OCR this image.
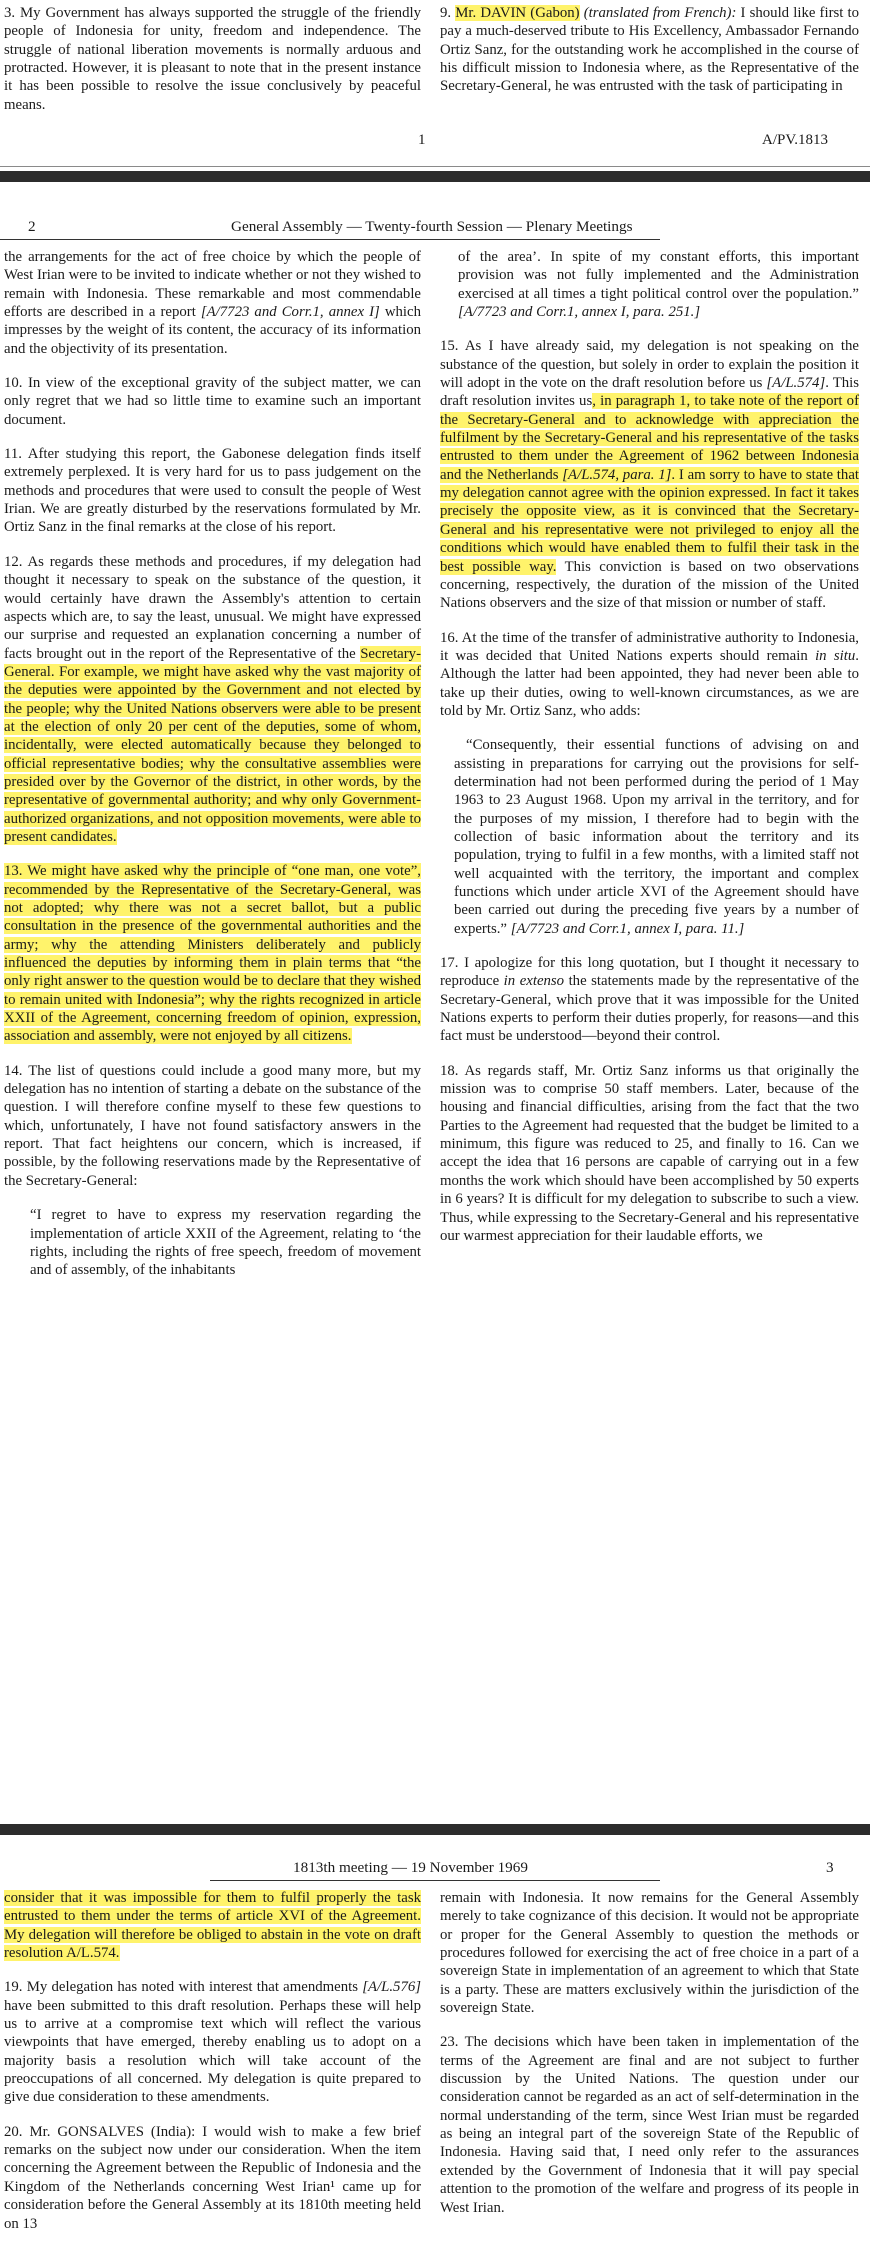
3. My Government has always supported the struggle of the friendly people of Indonesia for unity, freedom and independence. The struggle of national liberation movements is normally arduous and protracted. However, it is pleasant to note that in the present instance it has been possible to resolve the issue conclusively by peaceful means.

9. Mr. DAVIN (Gabon) (translated from French): I should like first to pay a much-deserved tribute to His Excellency, Ambassador Fernando Ortiz Sanz, for the outstanding work he accomplished in the course of his difficult mission to Indonesia where, as the Representative of the Secretary-General, he was entrusted with the task of participating in

1	A/PV.1813
2	General Assembly — Twenty-fourth Session — Plenary Meetings

the arrangements for the act of free choice by which the people of West Irian were to be invited to indicate whether or not they wished to remain with Indonesia. These remarkable and most commendable efforts are described in a report [A/7723 and Corr.1, annex I] which impresses by the weight of its content, the accuracy of its information and the objectivity of its presentation.

10. In view of the exceptional gravity of the subject matter, we can only regret that we had so little time to examine such an important document.

11. After studying this report, the Gabonese delegation finds itself extremely perplexed. It is very hard for us to pass judgement on the methods and procedures that were used to consult the people of West Irian. We are greatly disturbed by the reservations formulated by Mr. Ortiz Sanz in the final remarks at the close of his report.

12. As regards these methods and procedures, if my delegation had thought it necessary to speak on the substance of the question, it would certainly have drawn the Assembly's attention to certain aspects which are, to say the least, unusual. We might have expressed our surprise and requested an explanation concerning a number of facts brought out in the report of the Representative of the Secretary-General. For example, we might have asked why the vast majority of the deputies were appointed by the Government and not elected by the people; why the United Nations observers were able to be present at the election of only 20 per cent of the deputies, some of whom, incidentally, were elected automatically because they belonged to official representative bodies; why the consultative assemblies were presided over by the Governor of the district, in other words, by the representative of governmental authority; and why only Government-authorized organizations, and not opposition movements, were able to present candidates.

13. We might have asked why the principle of “one man, one vote”, recommended by the Representative of the Secretary-General, was not adopted; why there was not a secret ballot, but a public consultation in the presence of the governmental authorities and the army; why the attending Ministers deliberately and publicly influenced the deputies by informing them in plain terms that “the only right answer to the question would be to declare that they wished to remain united with Indonesia”; why the rights recognized in article XXII of the Agreement, concerning freedom of opinion, expression, association and assembly, were not enjoyed by all citizens.

14. The list of questions could include a good many more, but my delegation has no intention of starting a debate on the substance of the question. I will therefore confine myself to these few questions to which, unfortunately, I have not found satisfactory answers in the report. That fact heightens our concern, which is increased, if possible, by the following reservations made by the Representative of the Secretary-General:

“I regret to have to express my reservation regarding the implementation of article XXII of the Agreement, relating to ‘the rights, including the rights of free speech, freedom of movement and of assembly, of the inhabitants

of the area’. In spite of my constant efforts, this important provision was not fully implemented and the Administration exercised at all times a tight political control over the population.” [A/7723 and Corr.1, annex I, para. 251.]

15. As I have already said, my delegation is not speaking on the substance of the question, but solely in order to explain the position it will adopt in the vote on the draft resolution before us [A/L.574]. This draft resolution invites us, in paragraph 1, to take note of the report of the Secretary-General and to acknowledge with appreciation the fulfilment by the Secretary-General and his representative of the tasks entrusted to them under the Agreement of 1962 between Indonesia and the Netherlands [A/L.574, para. 1]. I am sorry to have to state that my delegation cannot agree with the opinion expressed. In fact it takes precisely the opposite view, as it is convinced that the Secretary-General and his representative were not privileged to enjoy all the conditions which would have enabled them to fulfil their task in the best possible way. This conviction is based on two observations concerning, respectively, the duration of the mission of the United Nations observers and the size of that mission or number of staff.

16. At the time of the transfer of administrative authority to Indonesia, it was decided that United Nations experts should remain in situ. Although the latter had been appointed, they had never been able to take up their duties, owing to well-known circumstances, as we are told by Mr. Ortiz Sanz, who adds:

“Consequently, their essential functions of advising on and assisting in preparations for carrying out the provisions for self-determination had not been performed during the period of 1 May 1963 to 23 August 1968. Upon my arrival in the territory, and for the purposes of my mission, I therefore had to begin with the collection of basic information about the territory and its population, trying to fulfil in a few months, with a limited staff not well acquainted with the territory, the important and complex functions which under article XVI of the Agreement should have been carried out during the preceding five years by a number of experts.” [A/7723 and Corr.1, annex I, para. 11.]

17. I apologize for this long quotation, but I thought it necessary to reproduce in extenso the statements made by the representative of the Secretary-General, which prove that it was impossible for the United Nations experts to perform their duties properly, for reasons—and this fact must be understood—beyond their control.

18. As regards staff, Mr. Ortiz Sanz informs us that originally the mission was to comprise 50 staff members. Later, because of the housing and financial difficulties, arising from the fact that the two Parties to the Agreement had requested that the budget be limited to a minimum, this figure was reduced to 25, and finally to 16. Can we accept the idea that 16 persons are capable of carrying out in a few months the work which should have been accomplished by 50 experts in 6 years? It is difficult for my delegation to subscribe to such a view. Thus, while expressing to the Secretary-General and his representative our warmest appreciation for their laudable efforts, we

1813th meeting — 19 November 1969	3

consider that it was impossible for them to fulfil properly the task entrusted to them under the terms of article XVI of the Agreement. My delegation will therefore be obliged to abstain in the vote on draft resolution A/L.574.

19. My delegation has noted with interest that amendments [A/L.576] have been submitted to this draft resolution. Perhaps these will help us to arrive at a compromise text which will reflect the various viewpoints that have emerged, thereby enabling us to adopt on a majority basis a resolution which will take account of the preoccupations of all concerned. My delegation is quite prepared to give due consideration to these amendments.

20. Mr. GONSALVES (India): I would wish to make a few brief remarks on the subject now under our consideration. When the item concerning the Agreement between the Republic of Indonesia and the Kingdom of the Netherlands concerning West Irian¹ came up for consideration before the General Assembly at its 1810th meeting held on 13

remain with Indonesia. It now remains for the General Assembly merely to take cognizance of this decision. It would not be appropriate or proper for the General Assembly to question the methods or procedures followed for exercising the act of free choice in a part of a sovereign State in implementation of an agreement to which that State is a party. These are matters exclusively within the jurisdiction of the sovereign State.

23. The decisions which have been taken in implementation of the terms of the Agreement are final and are not subject to further discussion by the United Nations. The question under our consideration cannot be regarded as an act of self-determination in the normal understanding of the term, since West Irian must be regarded as being an integral part of the sovereign State of the Republic of Indonesia. Having said that, I need only refer to the assurances extended by the Government of Indonesia that it will pay special attention to the promotion of the welfare and progress of its people in West Irian.
